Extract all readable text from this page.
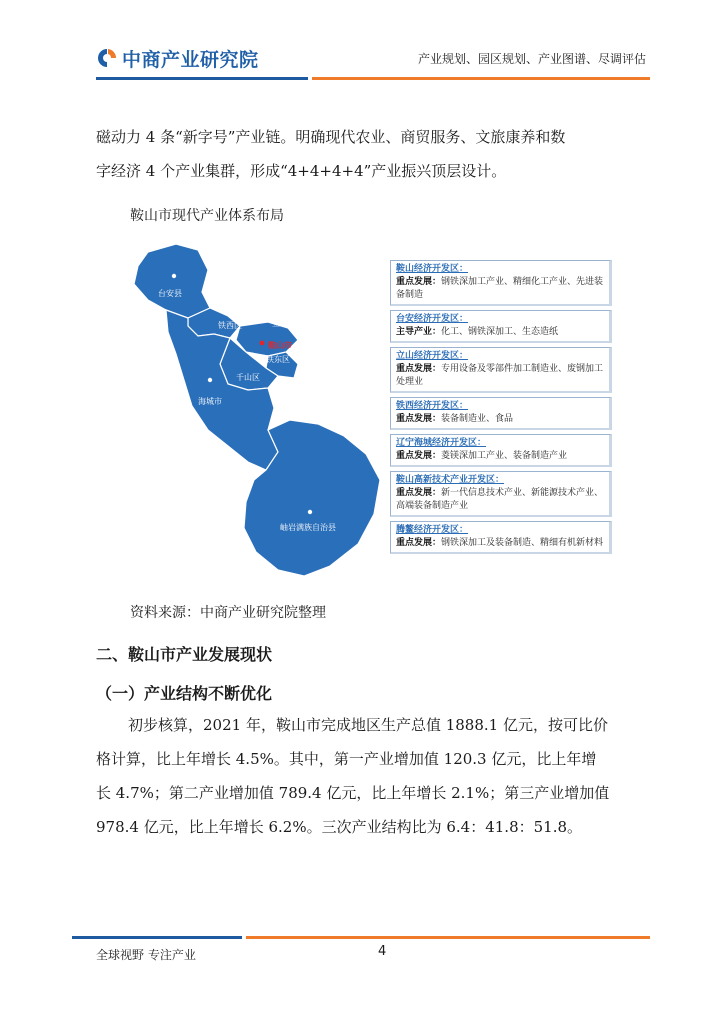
中商产业研究院	产业规划、园区规划、产业图谱、尽调评估
磁动力 4 条“新字号”产业链。明确现代农业、商贸服务、文旅康养和数
字经济 4 个产业集群，形成“4+4+4+4”产业振兴顶层设计。
鞍山市现代产业体系布局
台安县
铁西区	立山区
鞍山市
铁东区
千山区
海城市
岫岩满族自治县
鞍山经济开发区：
重点发展：钢铁深加工产业、精细化工产业、先进装备制造
台安经济开发区：
主导产业：化工、钢铁深加工、生态造纸
立山经济开发区：
重点发展：专用设备及零部件加工制造业、废钢加工处理业
铁西经济开发区：
重点发展：装备制造业、食品
辽宁海城经济开发区：
重点发展：菱镁深加工产业、装备制造产业
鞍山高新技术产业开发区：
重点发展：新一代信息技术产业、新能源技术产业、高端装备制造产业
腾鳌经济开发区：
重点发展：钢铁深加工及装备制造、精细有机新材料
资料来源：中商产业研究院整理
二、鞍山市产业发展现状
（一）产业结构不断优化
初步核算，2021 年，鞍山市完成地区生产总值 1888.1 亿元，按可比价
格计算，比上年增长 4.5%。其中，第一产业增加值 120.3 亿元，比上年增
长 4.7%；第二产业增加值 789.4 亿元，比上年增长 2.1%；第三产业增加值
978.4 亿元，比上年增长 6.2%。三次产业结构比为 6.4：41.8：51.8。
全球视野 专注产业	4
